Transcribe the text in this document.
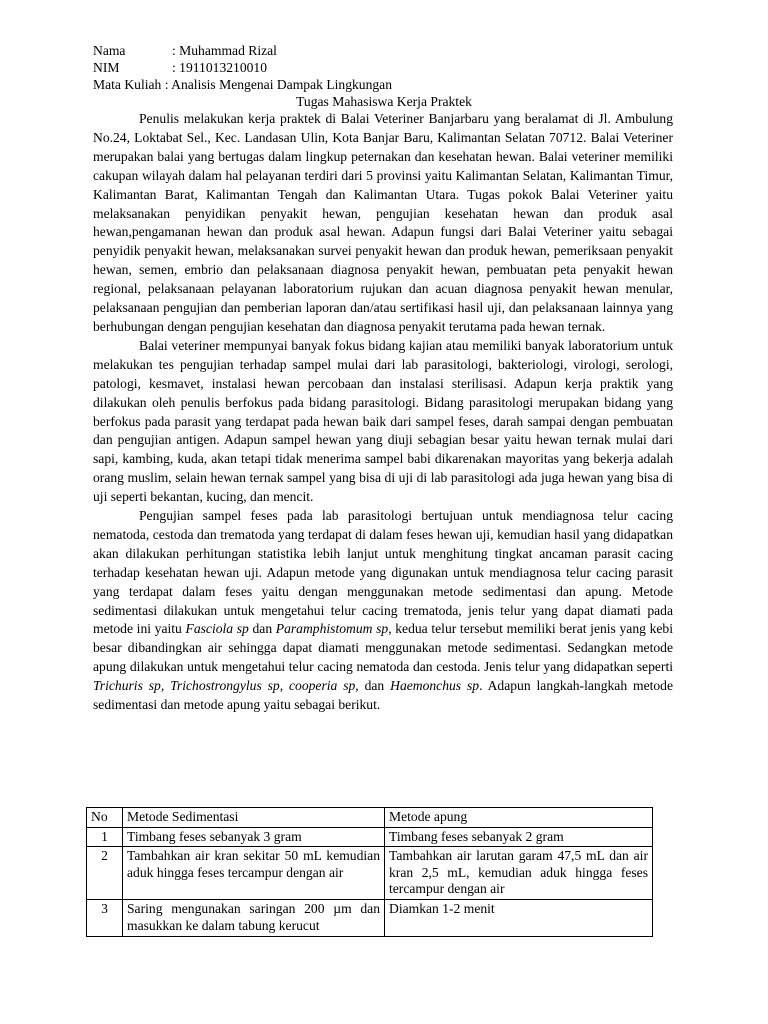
Nama	: Muhammad Rizal
NIM	: 1911013210010
Mata Kuliah : Analisis Mengenai Dampak Lingkungan
Tugas Mahasiswa Kerja Praktek

Penulis melakukan kerja praktek di Balai Veteriner Banjarbaru yang beralamat di Jl. Ambulung No.24, Loktabat Sel., Kec. Landasan Ulin, Kota Banjar Baru, Kalimantan Selatan 70712. Balai Veteriner merupakan balai yang bertugas dalam lingkup peternakan dan kesehatan hewan. Balai veteriner memiliki cakupan wilayah dalam hal pelayanan terdiri dari 5 provinsi yaitu Kalimantan Selatan, Kalimantan Timur, Kalimantan Barat, Kalimantan Tengah dan Kalimantan Utara. Tugas pokok Balai Veteriner yaitu melaksanakan penyidikan penyakit hewan, pengujian kesehatan hewan dan produk asal hewan,pengamanan hewan dan produk asal hewan. Adapun fungsi dari Balai Veteriner yaitu sebagai penyidik penyakit hewan, melaksanakan survei penyakit hewan dan produk hewan, pemeriksaan penyakit hewan, semen, embrio dan pelaksanaan diagnosa penyakit hewan, pembuatan peta penyakit hewan regional, pelaksanaan pelayanan laboratorium rujukan dan acuan diagnosa penyakit hewan menular, pelaksanaan pengujian dan pemberian laporan dan/atau sertifikasi hasil uji, dan pelaksanaan lainnya yang berhubungan dengan pengujian kesehatan dan diagnosa penyakit terutama pada hewan ternak.

Balai veteriner mempunyai banyak fokus bidang kajian atau memiliki banyak laboratorium untuk melakukan tes pengujian terhadap sampel mulai dari lab parasitologi, bakteriologi, virologi, serologi, patologi, kesmavet, instalasi hewan percobaan dan instalasi sterilisasi. Adapun kerja praktik yang dilakukan oleh penulis berfokus pada bidang parasitologi. Bidang parasitologi merupakan bidang yang berfokus pada parasit yang terdapat pada hewan baik dari sampel feses, darah sampai dengan pembuatan dan pengujian antigen. Adapun sampel hewan yang diuji sebagian besar yaitu hewan ternak mulai dari sapi, kambing, kuda, akan tetapi tidak menerima sampel babi dikarenakan mayoritas yang bekerja adalah orang muslim, selain hewan ternak sampel yang bisa di uji di lab parasitologi ada juga hewan yang bisa di uji seperti bekantan, kucing, dan mencit.

Pengujian sampel feses pada lab parasitologi bertujuan untuk mendiagnosa telur cacing nematoda, cestoda dan trematoda yang terdapat di dalam feses hewan uji, kemudian hasil yang didapatkan akan dilakukan perhitungan statistika lebih lanjut untuk menghitung tingkat ancaman parasit cacing terhadap kesehatan hewan uji. Adapun metode yang digunakan untuk mendiagnosa telur cacing parasit yang terdapat dalam feses yaitu dengan menggunakan metode sedimentasi dan apung. Metode sedimentasi dilakukan untuk mengetahui telur cacing trematoda, jenis telur yang dapat diamati pada metode ini yaitu Fasciola sp dan Paramphistomum sp, kedua telur tersebut memiliki berat jenis yang kebi besar dibandingkan air sehingga dapat diamati menggunakan metode sedimentasi. Sedangkan metode apung dilakukan untuk mengetahui telur cacing nematoda dan cestoda. Jenis telur yang didapatkan seperti Trichuris sp, Trichostrongylus sp, cooperia sp, dan Haemonchus sp. Adapun langkah-langkah metode sedimentasi dan metode apung yaitu sebagai berikut.

No	Metode Sedimentasi	Metode apung
1	Timbang feses sebanyak 3 gram	Timbang feses sebanyak 2 gram
2	Tambahkan air kran sekitar 50 mL kemudian aduk hingga feses tercampur dengan air	Tambahkan air larutan garam 47,5 mL dan air kran 2,5 mL, kemudian aduk hingga feses tercampur dengan air
3	Saring mengunakan saringan 200 µm dan masukkan ke dalam tabung kerucut	Diamkan 1-2 menit
